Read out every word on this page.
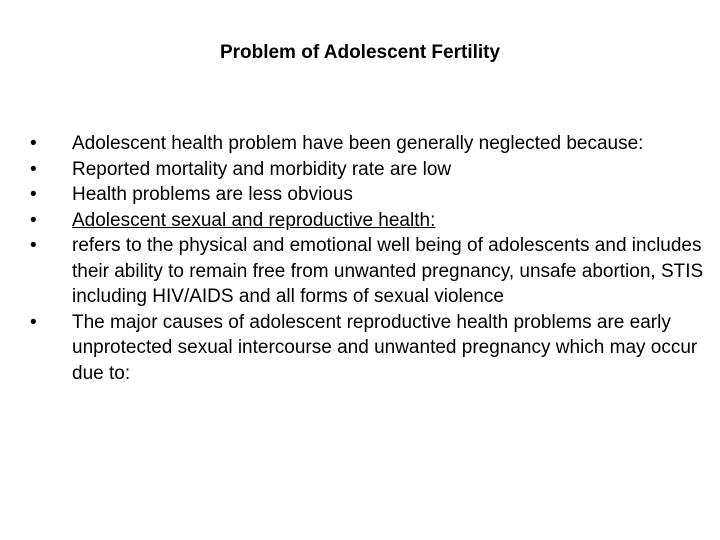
Problem of Adolescent Fertility
•	Adolescent health problem have been generally neglected because:
•	Reported mortality and morbidity rate are low
•	Health problems are less obvious
•	Adolescent sexual and reproductive health:
•	refers to the physical and emotional well being of adolescents and includes their ability to remain free from unwanted pregnancy, unsafe abortion, STIS including HIV/AIDS and all forms of sexual violence
•	The major causes of adolescent reproductive health problems are early unprotected sexual intercourse and unwanted pregnancy which may occur due to:
